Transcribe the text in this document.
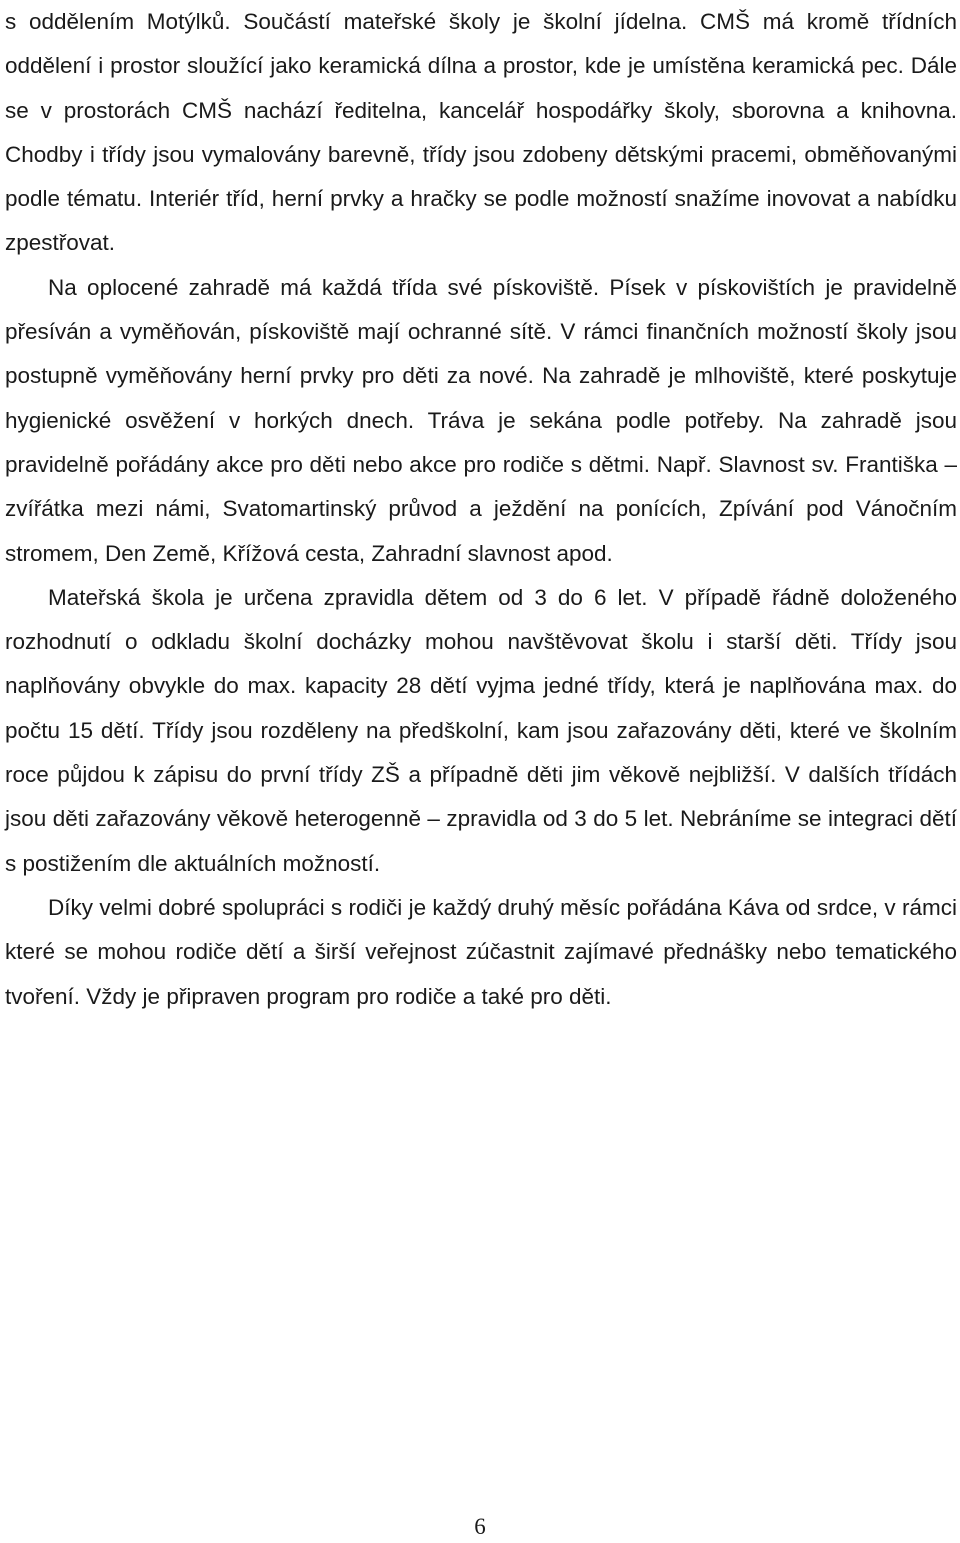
s oddělením Motýlků. Součástí mateřské školy je školní jídelna. CMŠ má kromě třídních oddělení i prostor sloužící jako keramická dílna a prostor, kde je umístěna keramická pec. Dále se v prostorách CMŠ nachází ředitelna, kancelář hospodářky školy, sborovna a knihovna. Chodby i třídy jsou vymalovány barevně, třídy jsou zdobeny dětskými pracemi, obměňovanými podle tématu. Interiér tříd, herní prvky a hračky se podle možností snažíme inovovat a nabídku zpestřovat.

Na oplocené zahradě má každá třída své pískoviště. Písek v pískovištích je pravidelně přesíván a vyměňován, pískoviště mají ochranné sítě. V rámci finančních možností školy jsou postupně vyměňovány herní prvky pro děti za nové. Na zahradě je mlhoviště, které poskytuje hygienické osvěžení v horkých dnech. Tráva je sekána podle potřeby. Na zahradě jsou pravidelně pořádány akce pro děti nebo akce pro rodiče s dětmi. Např. Slavnost sv. Františka – zvířátka mezi námi, Svatomartinský průvod a ježdění na ponících, Zpívání pod Vánočním stromem, Den Země, Křížová cesta, Zahradní slavnost apod.

Mateřská škola je určena zpravidla dětem od 3 do 6 let. V případě řádně doloženého rozhodnutí o odkladu školní docházky mohou navštěvovat školu i starší děti. Třídy jsou naplňovány obvykle do max. kapacity 28 dětí vyjma jedné třídy, která je naplňována max. do počtu 15 dětí. Třídy jsou rozděleny na předškolní, kam jsou zařazovány děti, které ve školním roce půjdou k zápisu do první třídy ZŠ a případně děti jim věkově nejbližší. V dalších třídách jsou děti zařazovány věkově heterogenně – zpravidla od 3 do 5 let. Nebráníme se integraci dětí s postižením dle aktuálních možností.

Díky velmi dobré spolupráci s rodiči je každý druhý měsíc pořádána Káva od srdce, v rámci které se mohou rodiče dětí a širší veřejnost zúčastnit zajímavé přednášky nebo tematického tvoření. Vždy je připraven program pro rodiče a také pro děti.

6
